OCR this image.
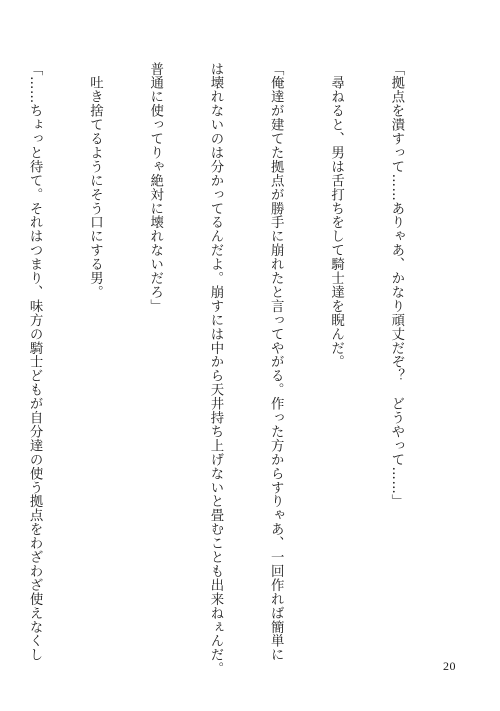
「拠点を潰すって……ありゃあ、かなり頑丈だぞ？　どうやって……」

　尋ねると、男は舌打ちをして騎士達を睨んだ。

「俺達が建てた拠点が勝手に崩れたと言ってやがる。作った方からすりゃあ、一回作れば簡単に

は壊れないのは分かってるんだよ。崩すには中から天井持ち上げないと畳むことも出来ねぇんだ。

普通に使ってりゃ絶対に壊れないだろ」

　吐き捨てるようにそう口にする男。

「……ちょっと待て。それはつまり、味方の騎士どもが自分達の使う拠点をわざわざ使えなくし

20
